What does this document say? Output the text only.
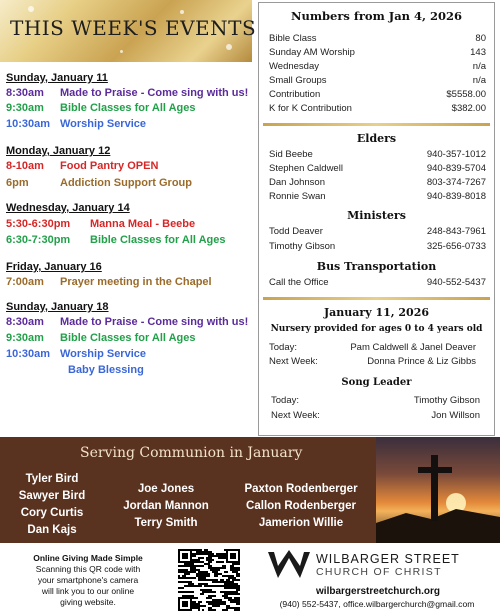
THIS WEEK'S EVENTS
Sunday, January 11
8:30am Made to Praise - Come sing with us!
9:30am Bible Classes for All Ages
10:30am Worship Service
Monday, January 12
8-10am Food Pantry OPEN
6pm	Addiction Support Group
Wednesday, January 14
5:30-6:30pm Manna Meal - Beebe
6:30-7:30pm Bible Classes for All Ages
Friday, January 16
7:00am Prayer meeting in the Chapel
Sunday, January 18
8:30am Made to Praise - Come sing with us!
9:30am Bible Classes for All Ages
10:30am Worship Service
Baby Blessing
Numbers from Jan 4, 2026
Bible Class	80
Sunday AM Worship	143
Wednesday	n/a
Small Groups	n/a
Contribution	$5558.00
K for K Contribution	$382.00
Elders
Sid Beebe	940-357-1012
Stephen Caldwell	940-839-5704
Dan Johnson	803-374-7267
Ronnie Swan	940-839-8018
Ministers
Todd Deaver	248-843-7961
Timothy Gibson	325-656-0733
Bus Transportation
Call the Office	940-552-5437
January 11, 2026
Nursery provided for ages 0 to 4 years old
Today:	Pam Caldwell & Janel Deaver
Next Week:	Donna Prince & Liz Gibbs
Song Leader
Today:	Timothy Gibson
Next Week:	Jon Willson
Serving Communion in January
Tyler Bird
Sawyer Bird
Cory Curtis
Dan Kajs
Joe Jones
Jordan Mannon
Terry Smith
Paxton Rodenberger
Callon Rodenberger
Jamerion Willie
Online Giving Made Simple
Scanning this QR code with
your smartphone's camera
will link you to our online
giving website.
WILBARGER STREET
CHURCH OF CHRIST
wilbargerstreetchurch.org
(940) 552-5437, office.wilbargerchurch@gmail.com
